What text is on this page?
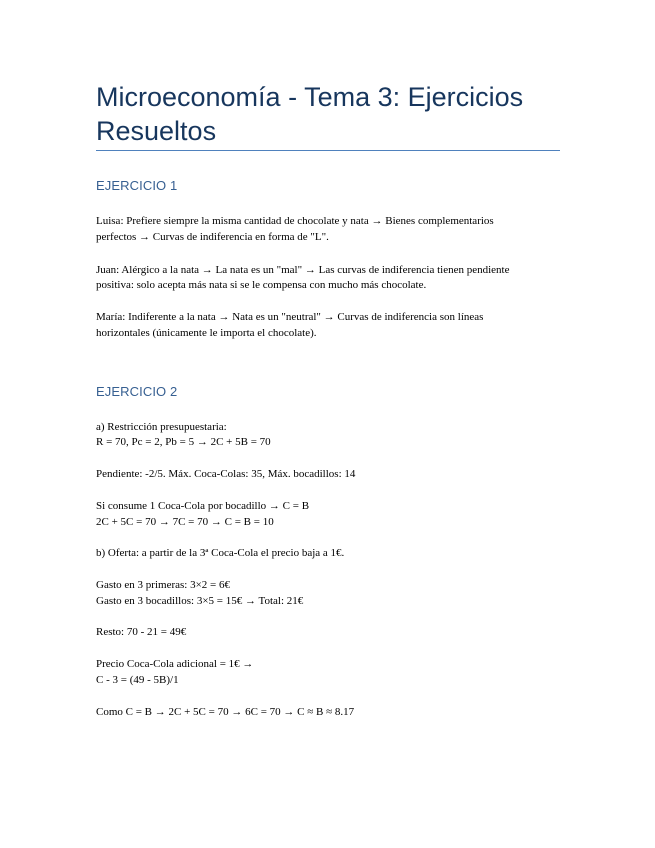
Microeconomía - Tema 3: Ejercicios Resueltos
EJERCICIO 1

Luisa: Prefiere siempre la misma cantidad de chocolate y nata → Bienes complementarios

perfectos → Curvas de indiferencia en forma de "L".

Juan: Alérgico a la nata → La nata es un "mal" → Las curvas de indiferencia tienen pendiente

positiva: solo acepta más nata si se le compensa con mucho más chocolate.

María: Indiferente a la nata → Nata es un "neutral" → Curvas de indiferencia son líneas

horizontales (únicamente le importa el chocolate).

EJERCICIO 2

a) Restricción presupuestaria:

R = 70, Pc = 2, Pb = 5 → 2C + 5B = 70

Pendiente: -2/5. Máx. Coca-Colas: 35, Máx. bocadillos: 14

Si consume 1 Coca-Cola por bocadillo → C = B

2C + 5C = 70 → 7C = 70 → C = B = 10

b) Oferta: a partir de la 3ª Coca-Cola el precio baja a 1€.

Gasto en 3 primeras: 3×2 = 6€

Gasto en 3 bocadillos: 3×5 = 15€ → Total: 21€

Resto: 70 - 21 = 49€

Precio Coca-Cola adicional = 1€ →

C - 3 = (49 - 5B)/1

Como C = B → 2C + 5C = 70 → 6C = 70 → C ≈ B ≈ 8.17
